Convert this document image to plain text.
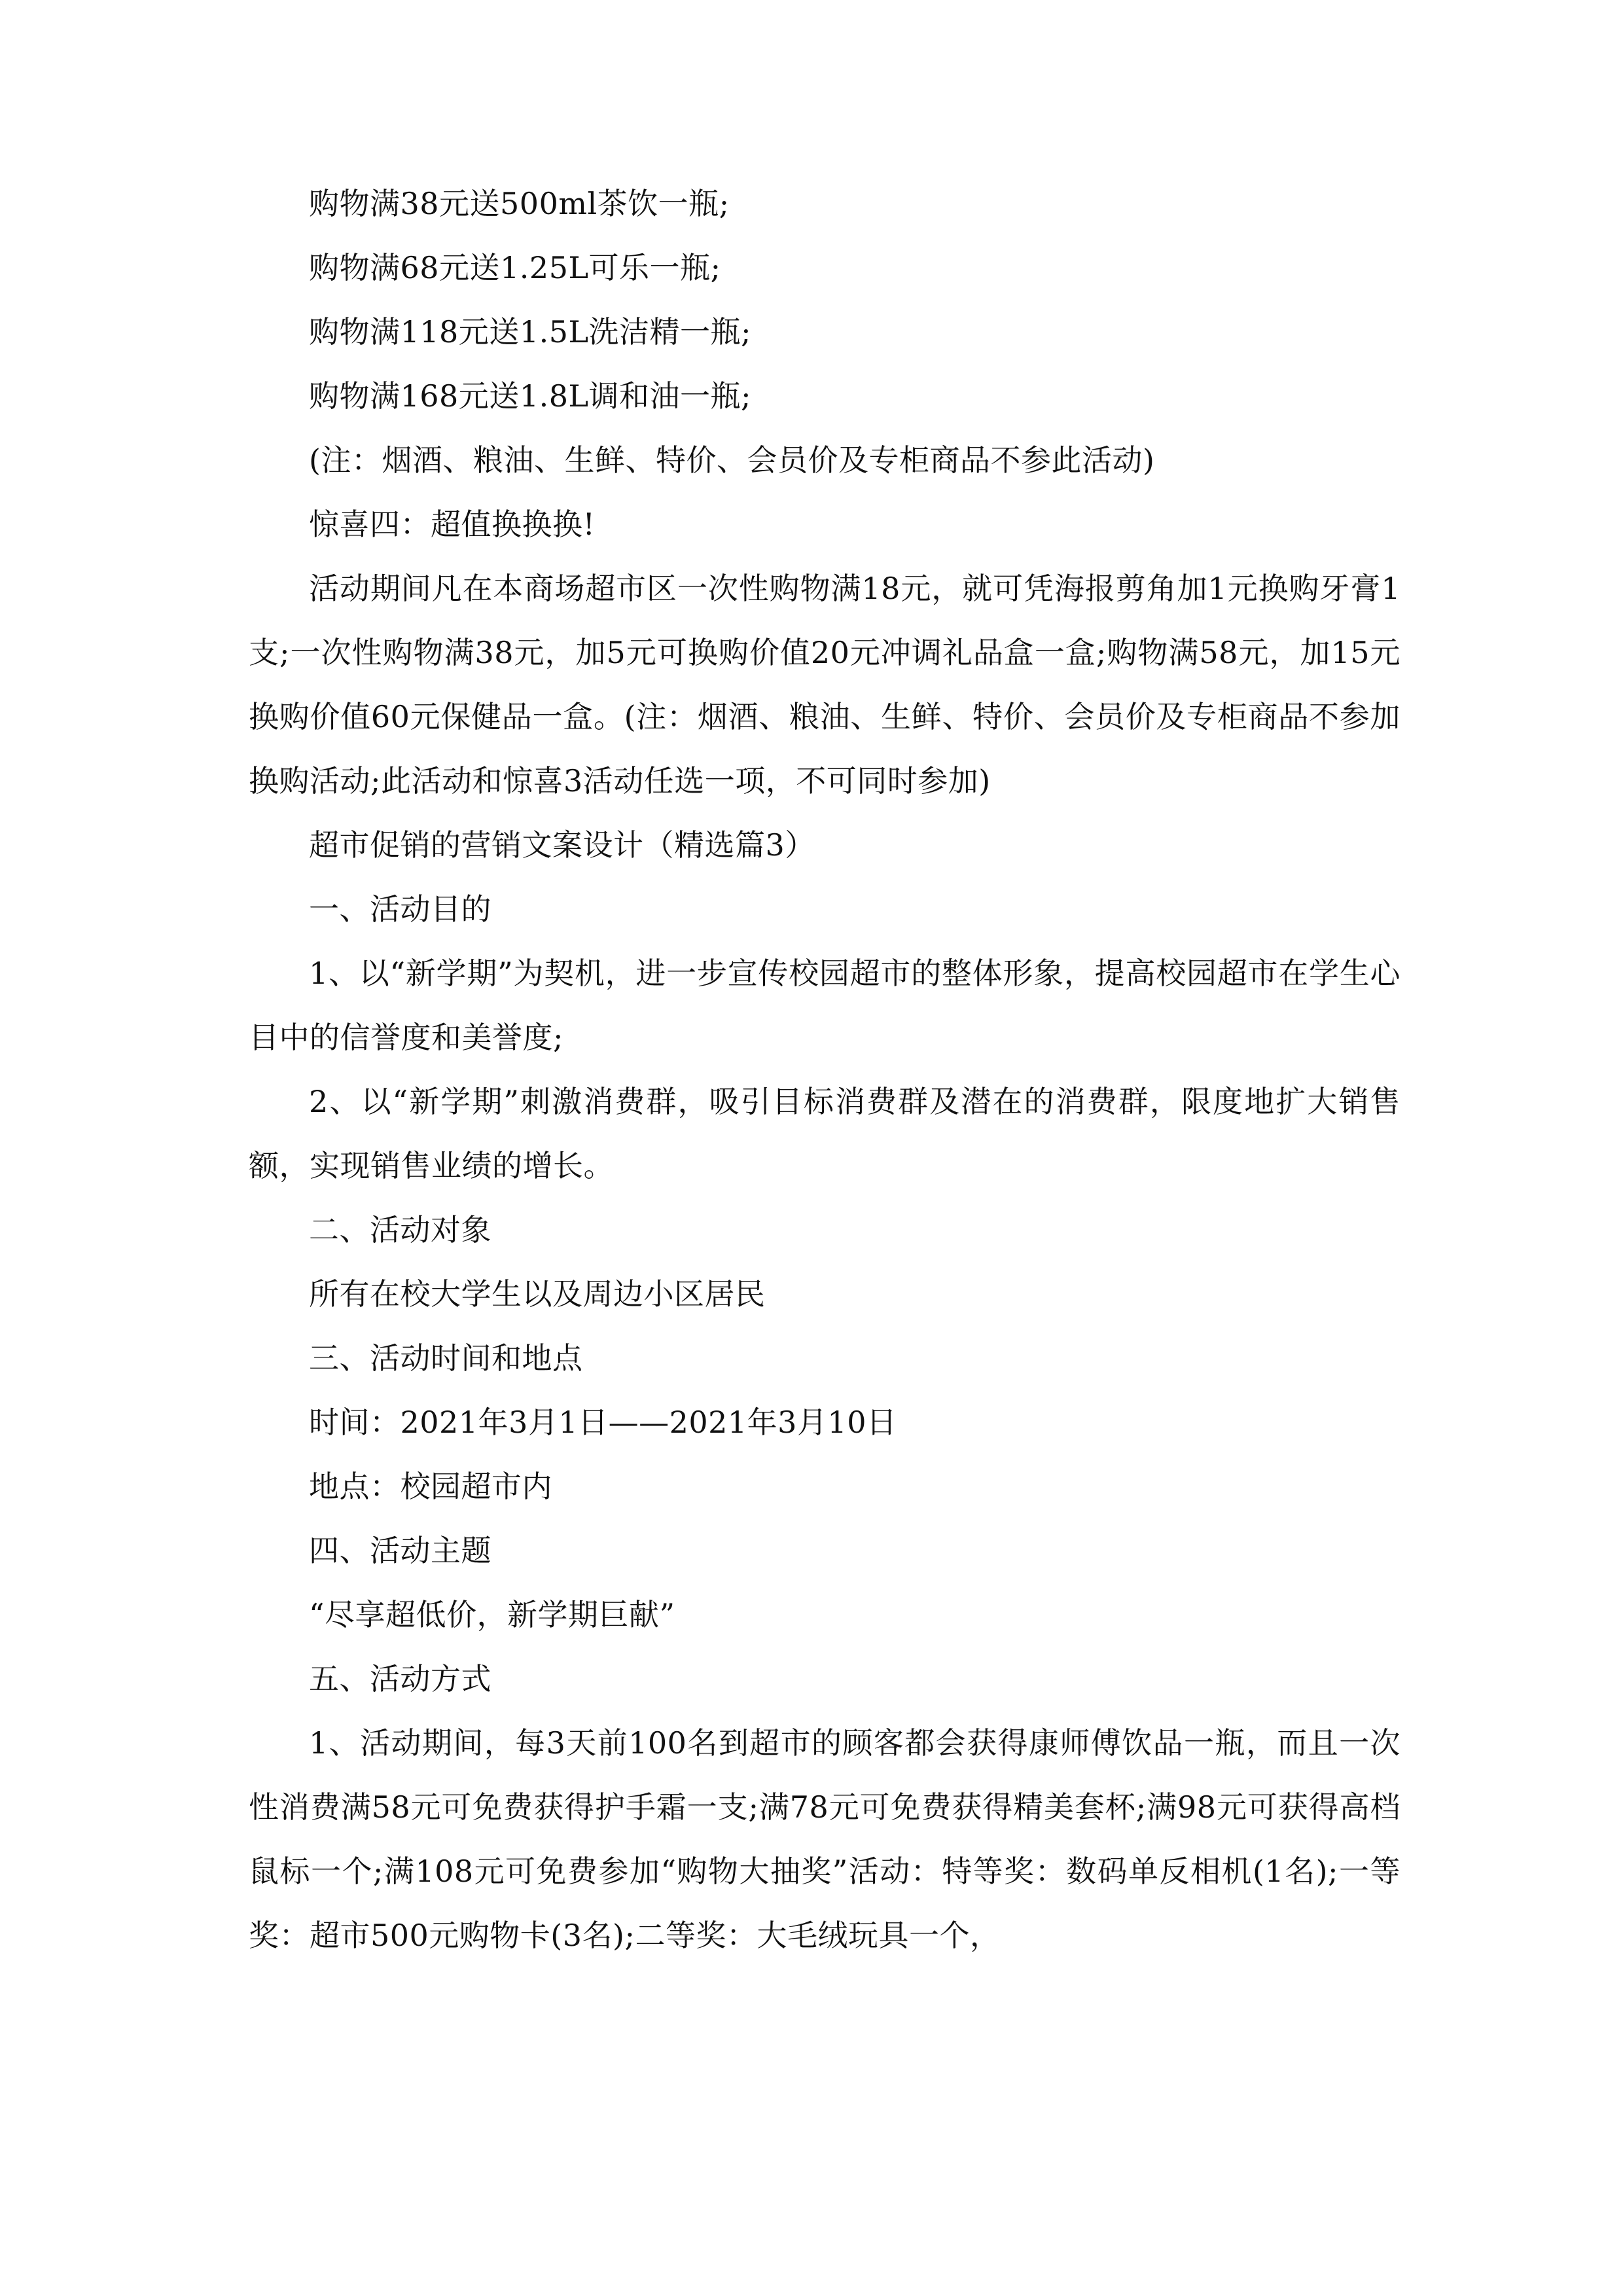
购物满38元送500ml茶饮一瓶;

购物满68元送1.25L可乐一瓶;

购物满118元送1.5L洗洁精一瓶;

购物满168元送1.8L调和油一瓶;

(注：烟酒、粮油、生鲜、特价、会员价及专柜商品不参此活动)

惊喜四：超值换换换!

活动期间凡在本商场超市区一次性购物满18元，就可凭海报剪角加1元换购牙膏1支;一次性购物满38元，加5元可换购价值20元冲调礼品盒一盒;购物满58元，加15元换购价值60元保健品一盒。(注：烟酒、粮油、生鲜、特价、会员价及专柜商品不参加换购活动;此活动和惊喜3活动任选一项，不可同时参加)

超市促销的营销文案设计（精选篇3）

一、活动目的

1、以“新学期”为契机，进一步宣传校园超市的整体形象，提高校园超市在学生心目中的信誉度和美誉度;

2、以“新学期”刺激消费群，吸引目标消费群及潜在的消费群，限度地扩大销售额，实现销售业绩的增长。

二、活动对象

所有在校大学生以及周边小区居民

三、活动时间和地点

时间：2021年3月1日——2021年3月10日

地点：校园超市内

四、活动主题

“尽享超低价，新学期巨献”

五、活动方式

1、活动期间，每3天前100名到超市的顾客都会获得康师傅饮品一瓶，而且一次性消费满58元可免费获得护手霜一支;满78元可免费获得精美套杯;满98元可获得高档鼠标一个;满108元可免费参加“购物大抽奖”活动：特等奖：数码单反相机(1名);一等奖：超市500元购物卡(3名);二等奖：大毛绒玩具一个，
